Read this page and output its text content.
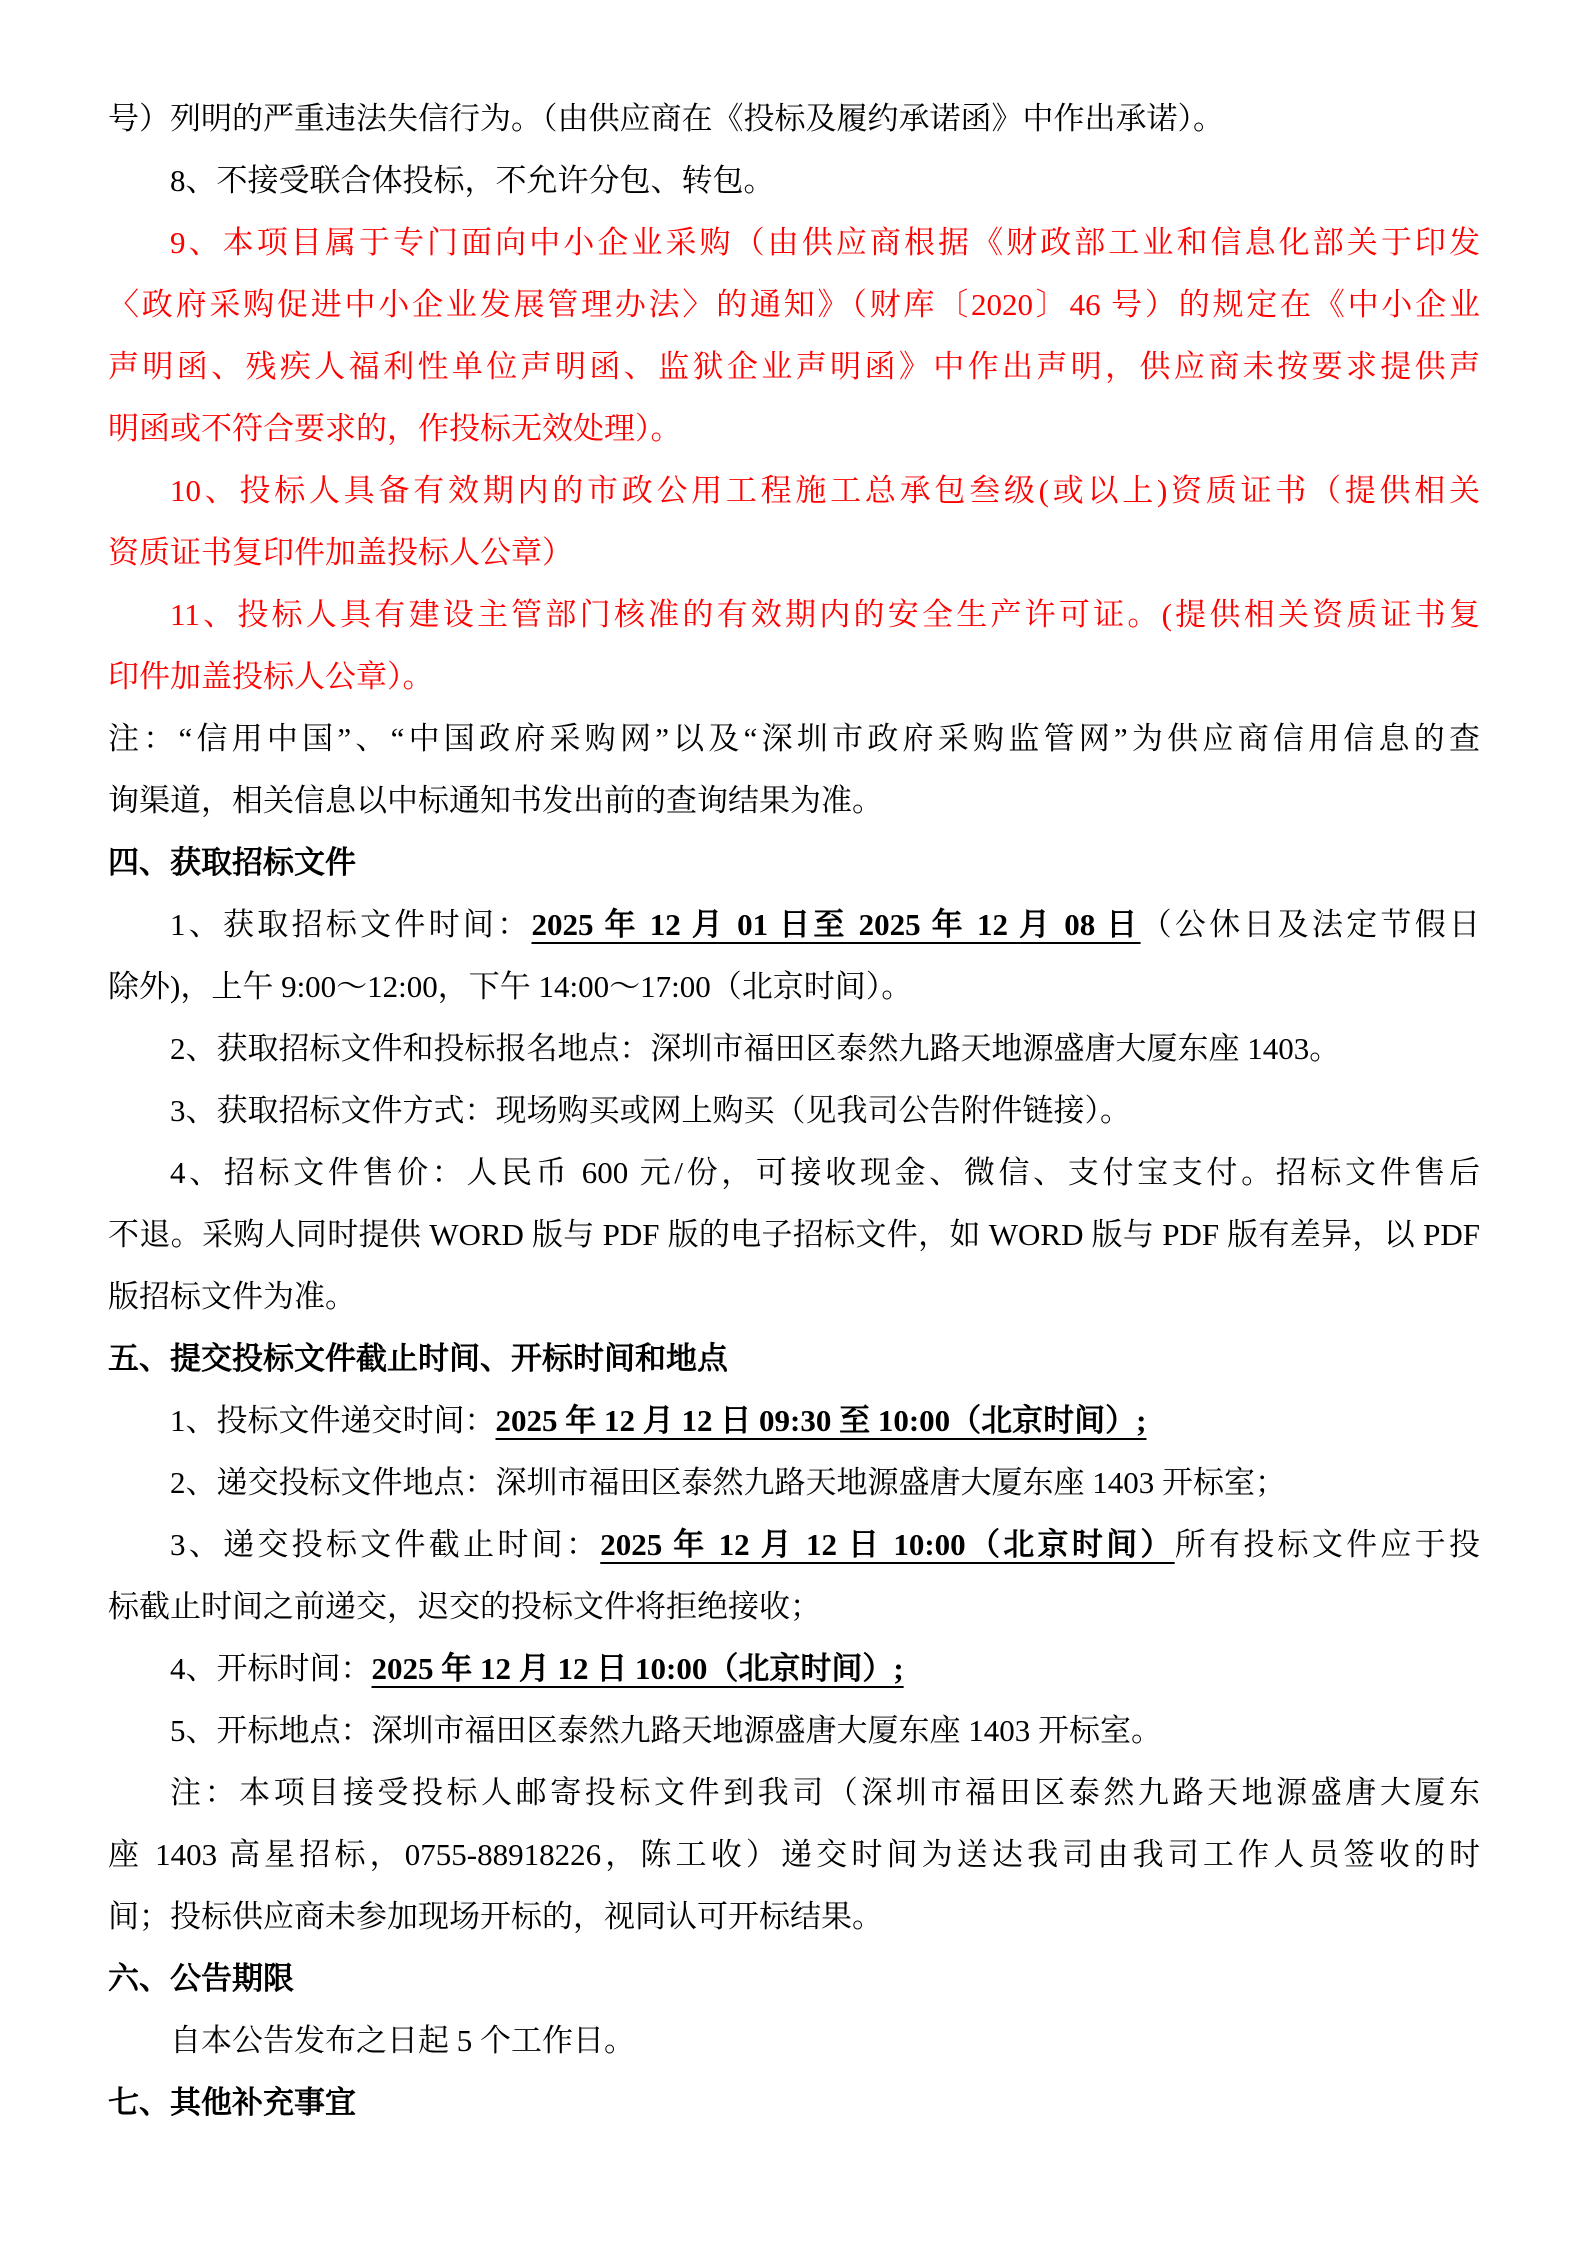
号）列明的严重违法失信行为。（由供应商在《投标及履约承诺函》中作出承诺）。
8、不接受联合体投标，不允许分包、转包。
9、本项目属于专门面向中小企业采购（由供应商根据《财政部工业和信息化部关于印发
〈政府采购促进中小企业发展管理办法〉的通知》（财库〔2020〕46 号）的规定在《中小企业
声明函、残疾人福利性单位声明函、监狱企业声明函》中作出声明，供应商未按要求提供声
明函或不符合要求的，作投标无效处理）。
10、投标人具备有效期内的市政公用工程施工总承包叁级(或以上)资质证书（提供相关
资质证书复印件加盖投标人公章）
11、投标人具有建设主管部门核准的有效期内的安全生产许可证。(提供相关资质证书复
印件加盖投标人公章）。
注：“信用中国”、“中国政府采购网”以及“深圳市政府采购监管网”为供应商信用信息的查
询渠道，相关信息以中标通知书发出前的查询结果为准。
四、获取招标文件
1、获取招标文件时间：2025 年 12 月 01 日至 2025 年 12 月 08 日（公休日及法定节假日
除外)，上午 9:00～12:00，下午 14:00～17:00（北京时间）。
2、获取招标文件和投标报名地点：深圳市福田区泰然九路天地源盛唐大厦东座 1403。
3、获取招标文件方式：现场购买或网上购买（见我司公告附件链接）。
4、招标文件售价：人民币 600 元/份，可接收现金、微信、支付宝支付。招标文件售后
不退。采购人同时提供 WORD 版与 PDF 版的电子招标文件，如 WORD 版与 PDF 版有差异，以 PDF
版招标文件为准。
五、提交投标文件截止时间、开标时间和地点
1、投标文件递交时间：2025 年 12 月 12 日 09:30 至 10:00（北京时间）;
2、递交投标文件地点：深圳市福田区泰然九路天地源盛唐大厦东座 1403 开标室；
3、递交投标文件截止时间：2025 年 12 月 12 日 10:00（北京时间）所有投标文件应于投
标截止时间之前递交，迟交的投标文件将拒绝接收；
4、开标时间：2025 年 12 月 12 日 10:00（北京时间）;
5、开标地点：深圳市福田区泰然九路天地源盛唐大厦东座 1403 开标室。
注：本项目接受投标人邮寄投标文件到我司（深圳市福田区泰然九路天地源盛唐大厦东
座 1403 高星招标，0755-88918226，陈工收）递交时间为送达我司由我司工作人员签收的时
间；投标供应商未参加现场开标的，视同认可开标结果。
六、公告期限
自本公告发布之日起 5 个工作日。
七、其他补充事宜
